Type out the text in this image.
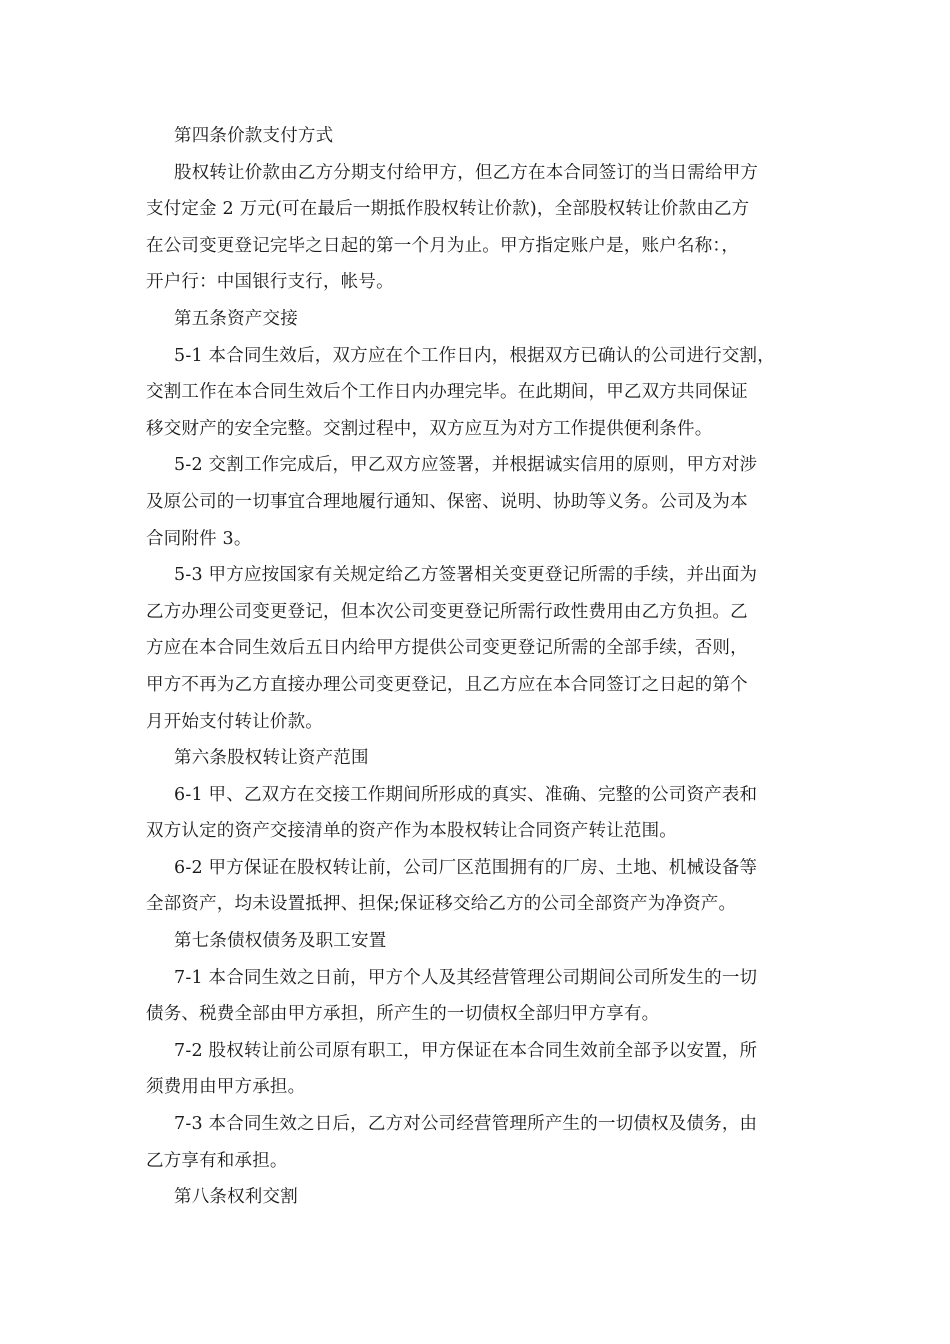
第四条价款支付方式
股权转让价款由乙方分期支付给甲方，但乙方在本合同签订的当日需给甲方
支付定金 2 万元(可在最后一期抵作股权转让价款)，全部股权转让价款由乙方
在公司变更登记完毕之日起的第一个月为止。甲方指定账户是，账户名称：，
开户行：中国银行支行，帐号。
第五条资产交接
5-1 本合同生效后，双方应在个工作日内，根据双方已确认的公司进行交割，
交割工作在本合同生效后个工作日内办理完毕。在此期间，甲乙双方共同保证
移交财产的安全完整。交割过程中，双方应互为对方工作提供便利条件。
5-2 交割工作完成后，甲乙双方应签署，并根据诚实信用的原则，甲方对涉
及原公司的一切事宜合理地履行通知、保密、说明、协助等义务。公司及为本
合同附件 3。
5-3 甲方应按国家有关规定给乙方签署相关变更登记所需的手续，并出面为
乙方办理公司变更登记，但本次公司变更登记所需行政性费用由乙方负担。乙
方应在本合同生效后五日内给甲方提供公司变更登记所需的全部手续，否则，
甲方不再为乙方直接办理公司变更登记，且乙方应在本合同签订之日起的第个
月开始支付转让价款。
第六条股权转让资产范围
6-1 甲、乙双方在交接工作期间所形成的真实、准确、完整的公司资产表和
双方认定的资产交接清单的资产作为本股权转让合同资产转让范围。
6-2 甲方保证在股权转让前，公司厂区范围拥有的厂房、土地、机械设备等
全部资产，均未设置抵押、担保;保证移交给乙方的公司全部资产为净资产。
第七条债权债务及职工安置
7-1 本合同生效之日前，甲方个人及其经营管理公司期间公司所发生的一切
债务、税费全部由甲方承担，所产生的一切债权全部归甲方享有。
7-2 股权转让前公司原有职工，甲方保证在本合同生效前全部予以安置，所
须费用由甲方承担。
7-3 本合同生效之日后，乙方对公司经营管理所产生的一切债权及债务，由
乙方享有和承担。
第八条权利交割
